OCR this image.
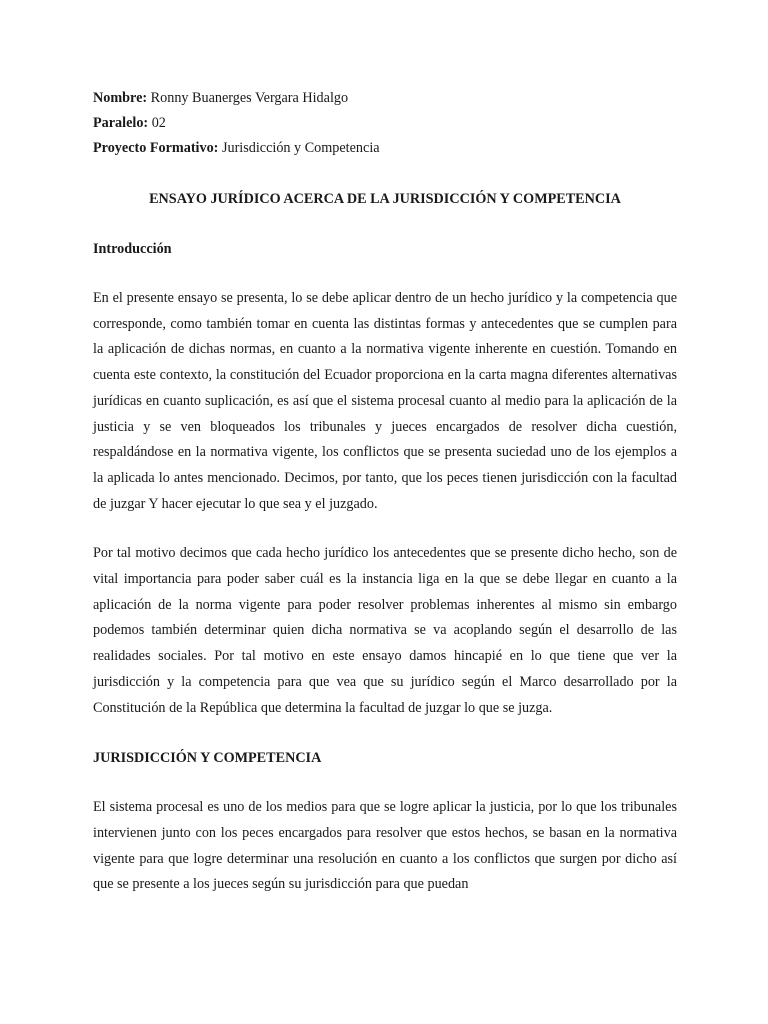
Nombre: Ronny Buanerges Vergara Hidalgo

Paralelo: 02

Proyecto Formativo: Jurisdicción y Competencia

ENSAYO JURÍDICO ACERCA DE LA JURISDICCIÓN Y COMPETENCIA
Introducción

En el presente ensayo se presenta, lo se debe aplicar dentro de un hecho jurídico y la competencia que corresponde, como también tomar en cuenta las distintas formas y antecedentes que se cumplen para la aplicación de dichas normas, en cuanto a la normativa vigente inherente en cuestión. Tomando en cuenta este contexto, la constitución del Ecuador proporciona en la carta magna diferentes alternativas jurídicas en cuanto suplicación, es así que el sistema procesal cuanto al medio para la aplicación de la justicia y se ven bloqueados los tribunales y jueces encargados de resolver dicha cuestión, respaldándose en la normativa vigente, los conflictos que se presenta suciedad uno de los ejemplos a la aplicada lo antes mencionado. Decimos, por tanto, que los peces tienen jurisdicción con la facultad de juzgar Y hacer ejecutar lo que sea y el juzgado.

Por tal motivo decimos que cada hecho jurídico los antecedentes que se presente dicho hecho, son de vital importancia para poder saber cuál es la instancia liga en la que se debe llegar en cuanto a la aplicación de la norma vigente para poder resolver problemas inherentes al mismo sin embargo podemos también determinar quien dicha normativa se va acoplando según el desarrollo de las realidades sociales. Por tal motivo en este ensayo damos hincapié en lo que tiene que ver la jurisdicción y la competencia para que vea que su jurídico según el Marco desarrollado por la Constitución de la República que determina la facultad de juzgar lo que se juzga.

JURISDICCIÓN Y COMPETENCIA

El sistema procesal es uno de los medios para que se logre aplicar la justicia, por lo que los tribunales intervienen junto con los peces encargados para resolver que estos hechos, se basan en la normativa vigente para que logre determinar una resolución en cuanto a los conflictos que surgen por dicho así que se presente a los jueces según su jurisdicción para que puedan
